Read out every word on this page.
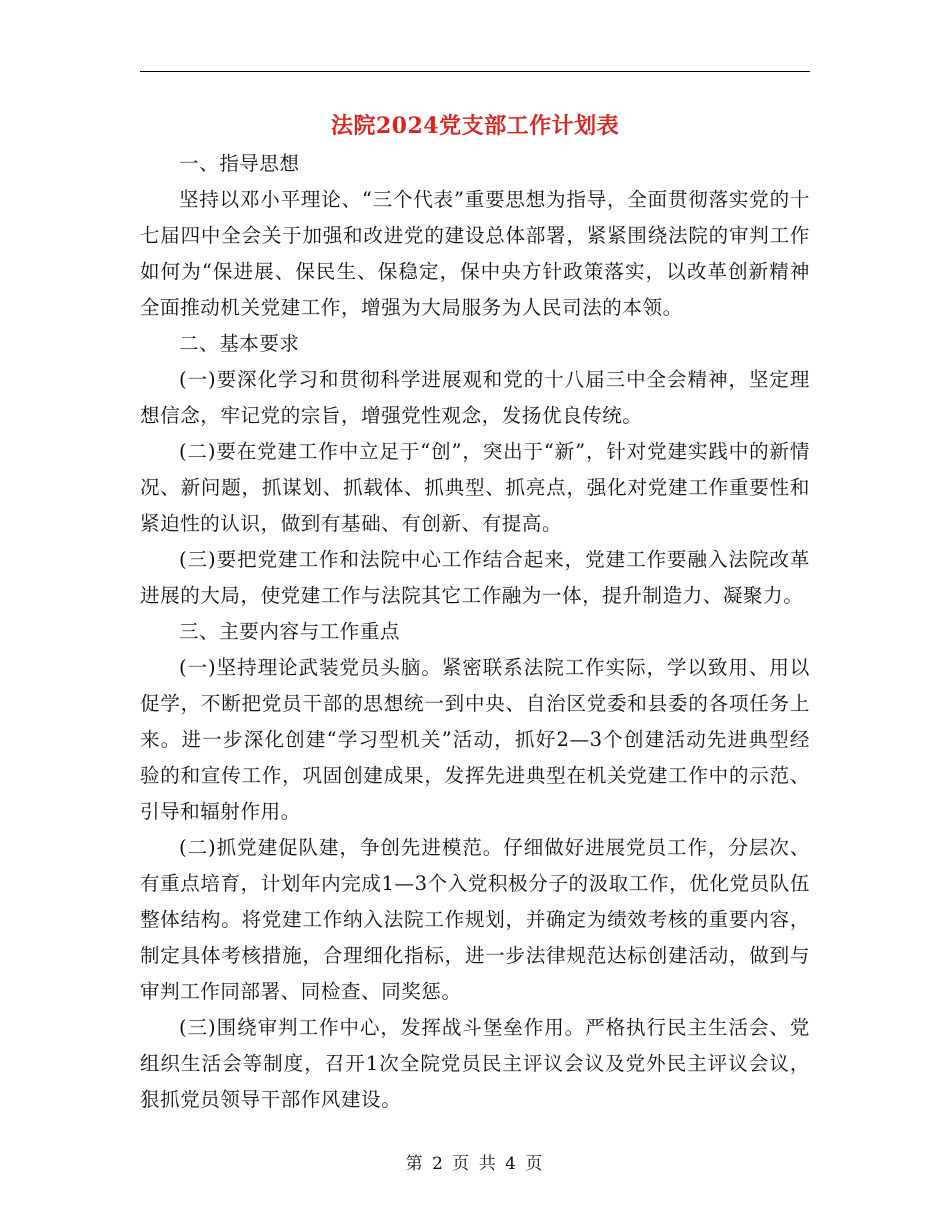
法院2024党支部工作计划表

一、指导思想

坚持以邓小平理论、“三个代表”重要思想为指导，全面贯彻落实党的十七届四中全会关于加强和改进党的建设总体部署，紧紧围绕法院的审判工作如何为“保进展、保民生、保稳定，保中央方针政策落实，以改革创新精神全面推动机关党建工作，增强为大局服务为人民司法的本领。

二、基本要求

(一)要深化学习和贯彻科学进展观和党的十八届三中全会精神，坚定理想信念，牢记党的宗旨，增强党性观念，发扬优良传统。

(二)要在党建工作中立足于“创”，突出于“新”，针对党建实践中的新情况、新问题，抓谋划、抓载体、抓典型、抓亮点，强化对党建工作重要性和紧迫性的认识，做到有基础、有创新、有提高。

(三)要把党建工作和法院中心工作结合起来，党建工作要融入法院改革进展的大局，使党建工作与法院其它工作融为一体，提升制造力、凝聚力。

三、主要内容与工作重点

(一)坚持理论武装党员头脑。紧密联系法院工作实际，学以致用、用以促学，不断把党员干部的思想统一到中央、自治区党委和县委的各项任务上来。进一步深化创建“学习型机关”活动，抓好2—3个创建活动先进典型经验的和宣传工作，巩固创建成果，发挥先进典型在机关党建工作中的示范、引导和辐射作用。

(二)抓党建促队建，争创先进模范。仔细做好进展党员工作，分层次、有重点培育，计划年内完成1—3个入党积极分子的汲取工作，优化党员队伍整体结构。将党建工作纳入法院工作规划，并确定为绩效考核的重要内容，制定具体考核措施，合理细化指标，进一步法律规范达标创建活动，做到与审判工作同部署、同检查、同奖惩。

(三)围绕审判工作中心，发挥战斗堡垒作用。严格执行民主生活会、党组织生活会等制度，召开1次全院党员民主评议会议及党外民主评议会议，狠抓党员领导干部作风建设。

第 2 页 共 4 页
